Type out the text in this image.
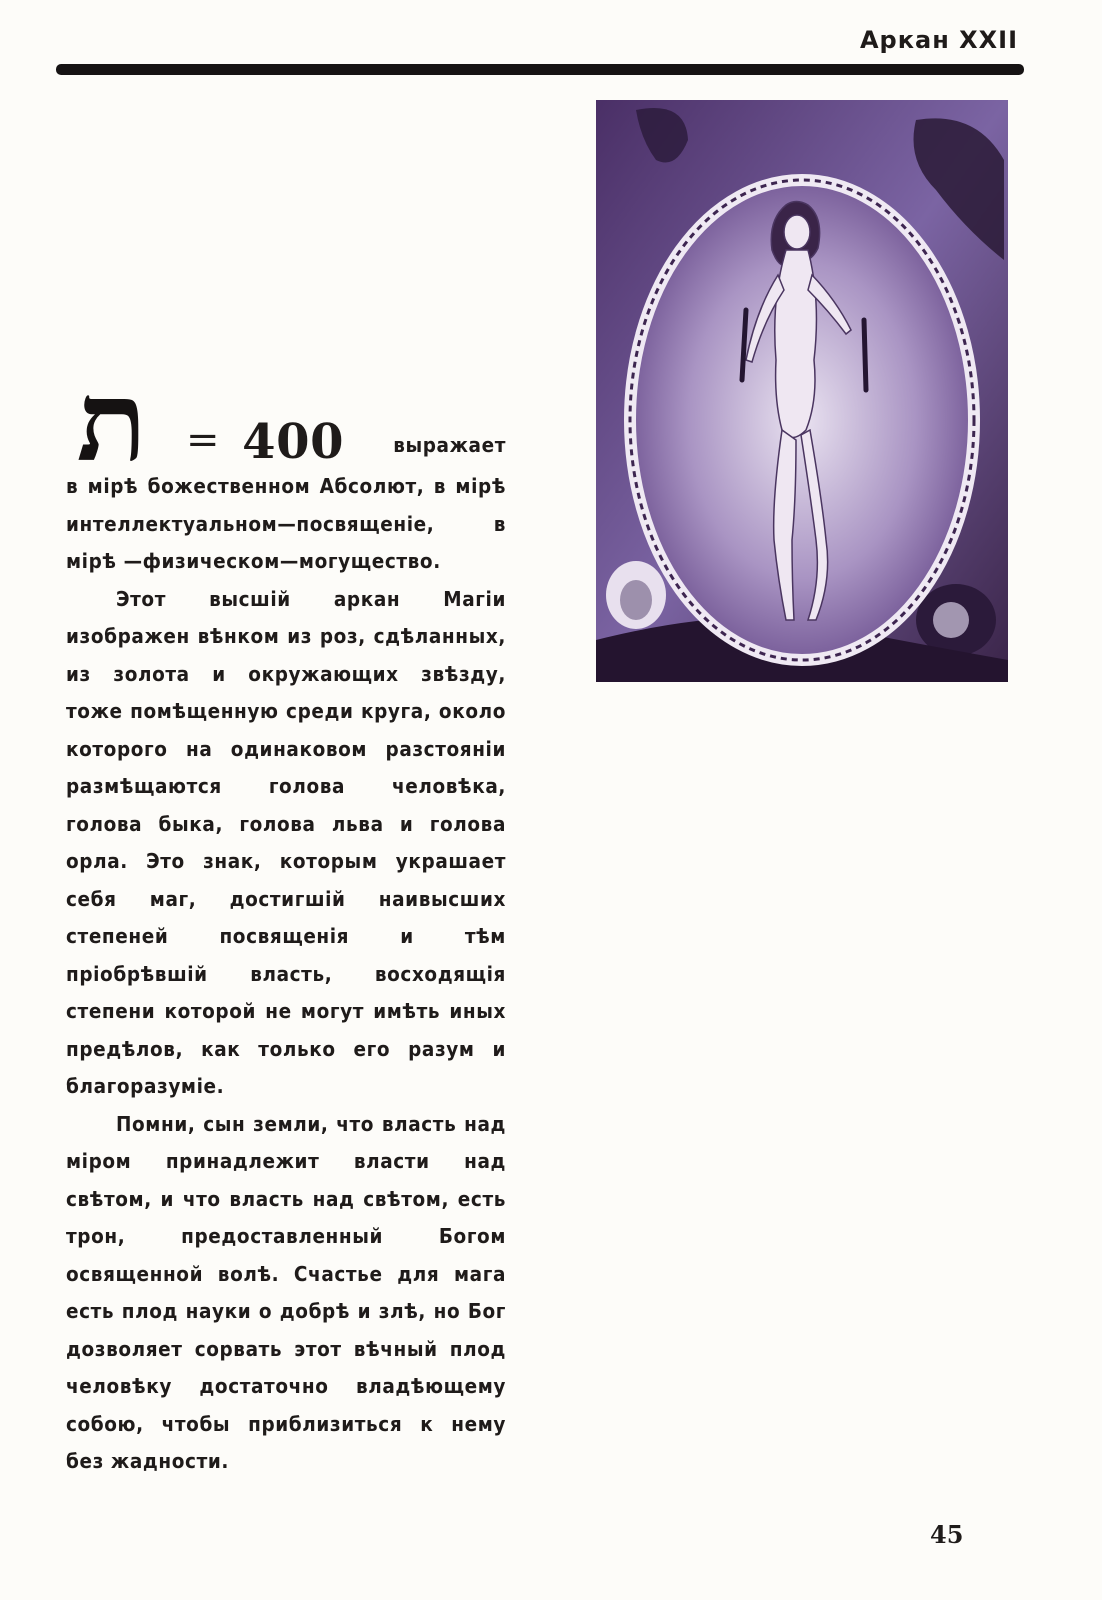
Аркан XXII
ת = 400 выражает

в мірѣ божественном Абсолют, в мірѣ интеллектуальном—посвященіе, в мірѣ —физическом—могущество.

Этот высшій аркан Магіи изображен вѣнком из роз, сдѣланных, из золота и окружающих звѣзду, тоже помѣщенную среди круга, около которого на одинаковом разстояніи размѣщаются голова человѣка, голова быка, голова льва и голова орла. Это знак, которым украшает себя маг, достигшій наивысших степеней посвященія и тѣм пріобрѣвшій власть, восходящія степени которой не могут имѣть иных предѣлов, как только его разум и благоразуміе.

Помни, сын земли, что власть над міром принадлежит власти над свѣтом, и что власть над свѣтом, есть трон, предоставленный Богом освященной волѣ. Счастье для мага есть плод науки о добрѣ и злѣ, но Бог дозволяет сорвать этот вѣчный плод человѣку достаточно владѣющему собою, чтобы приблизиться к нему без жадности.

45
